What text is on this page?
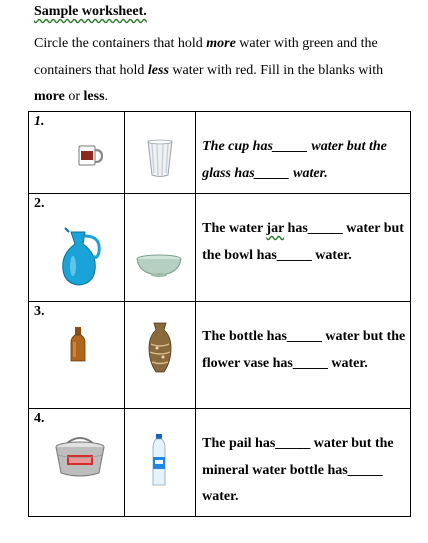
Sample worksheet.
Circle the containers that hold more water with green and the containers that hold less water with red. Fill in the blanks with more or less.
1.		The cup has_____ water but the glass has_____ water.

2.		The water jar has_____ water but the bowl has_____ water.

3.		The bottle has_____ water but the flower vase has_____ water.

4.		The pail has_____ water but the mineral water bottle has_____ water.
